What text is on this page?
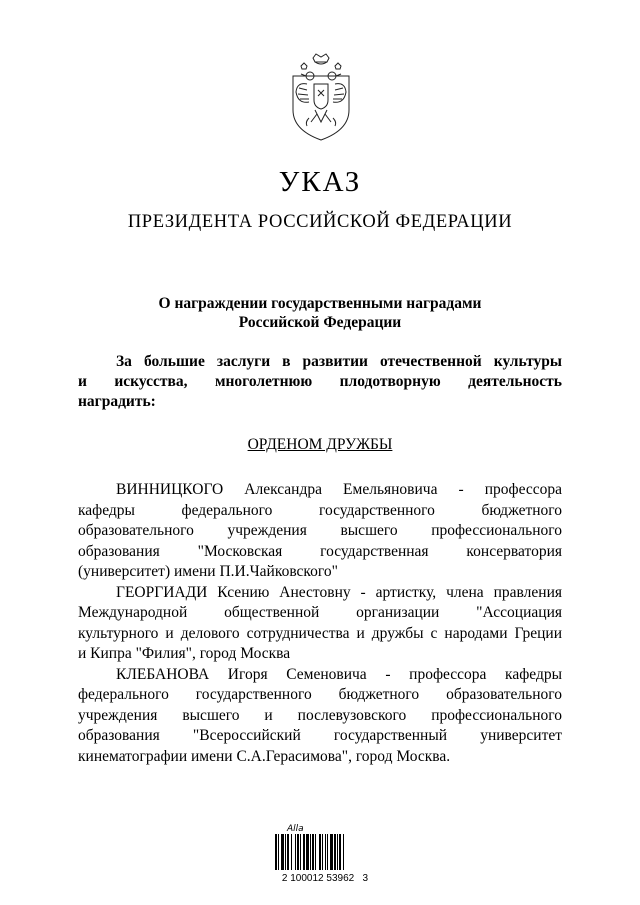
УКАЗ

ПРЕЗИДЕНТА РОССИЙСКОЙ ФЕДЕРАЦИИ

О награждении государственными наградами
Российской Федерации
За большие заслуги в развитии отечественной культуры
и искусства, многолетнюю плодотворную деятельность
наградить:
ОРДЕНОМ ДРУЖБЫ
ВИННИЦКОГО Александра Емельяновича - профессора
кафедры федерального государственного бюджетного
образовательного учреждения высшего профессионального
образования "Московская государственная консерватория
(университет) имени П.И.Чайковского"
ГЕОРГИАДИ Ксению Анестовну - артистку, члена правления
Международной общественной организации "Ассоциация
культурного и делового сотрудничества и дружбы с народами Греции
и Кипра "Филия", город Москва
КЛЕБАНОВА Игоря Семеновича - профессора кафедры
федерального государственного бюджетного образовательного
учреждения высшего и послевузовского профессионального
образования "Всероссийский государственный университет
кинематографии имени С.А.Герасимова", город Москва.
Alla
2 100012 53962   3
